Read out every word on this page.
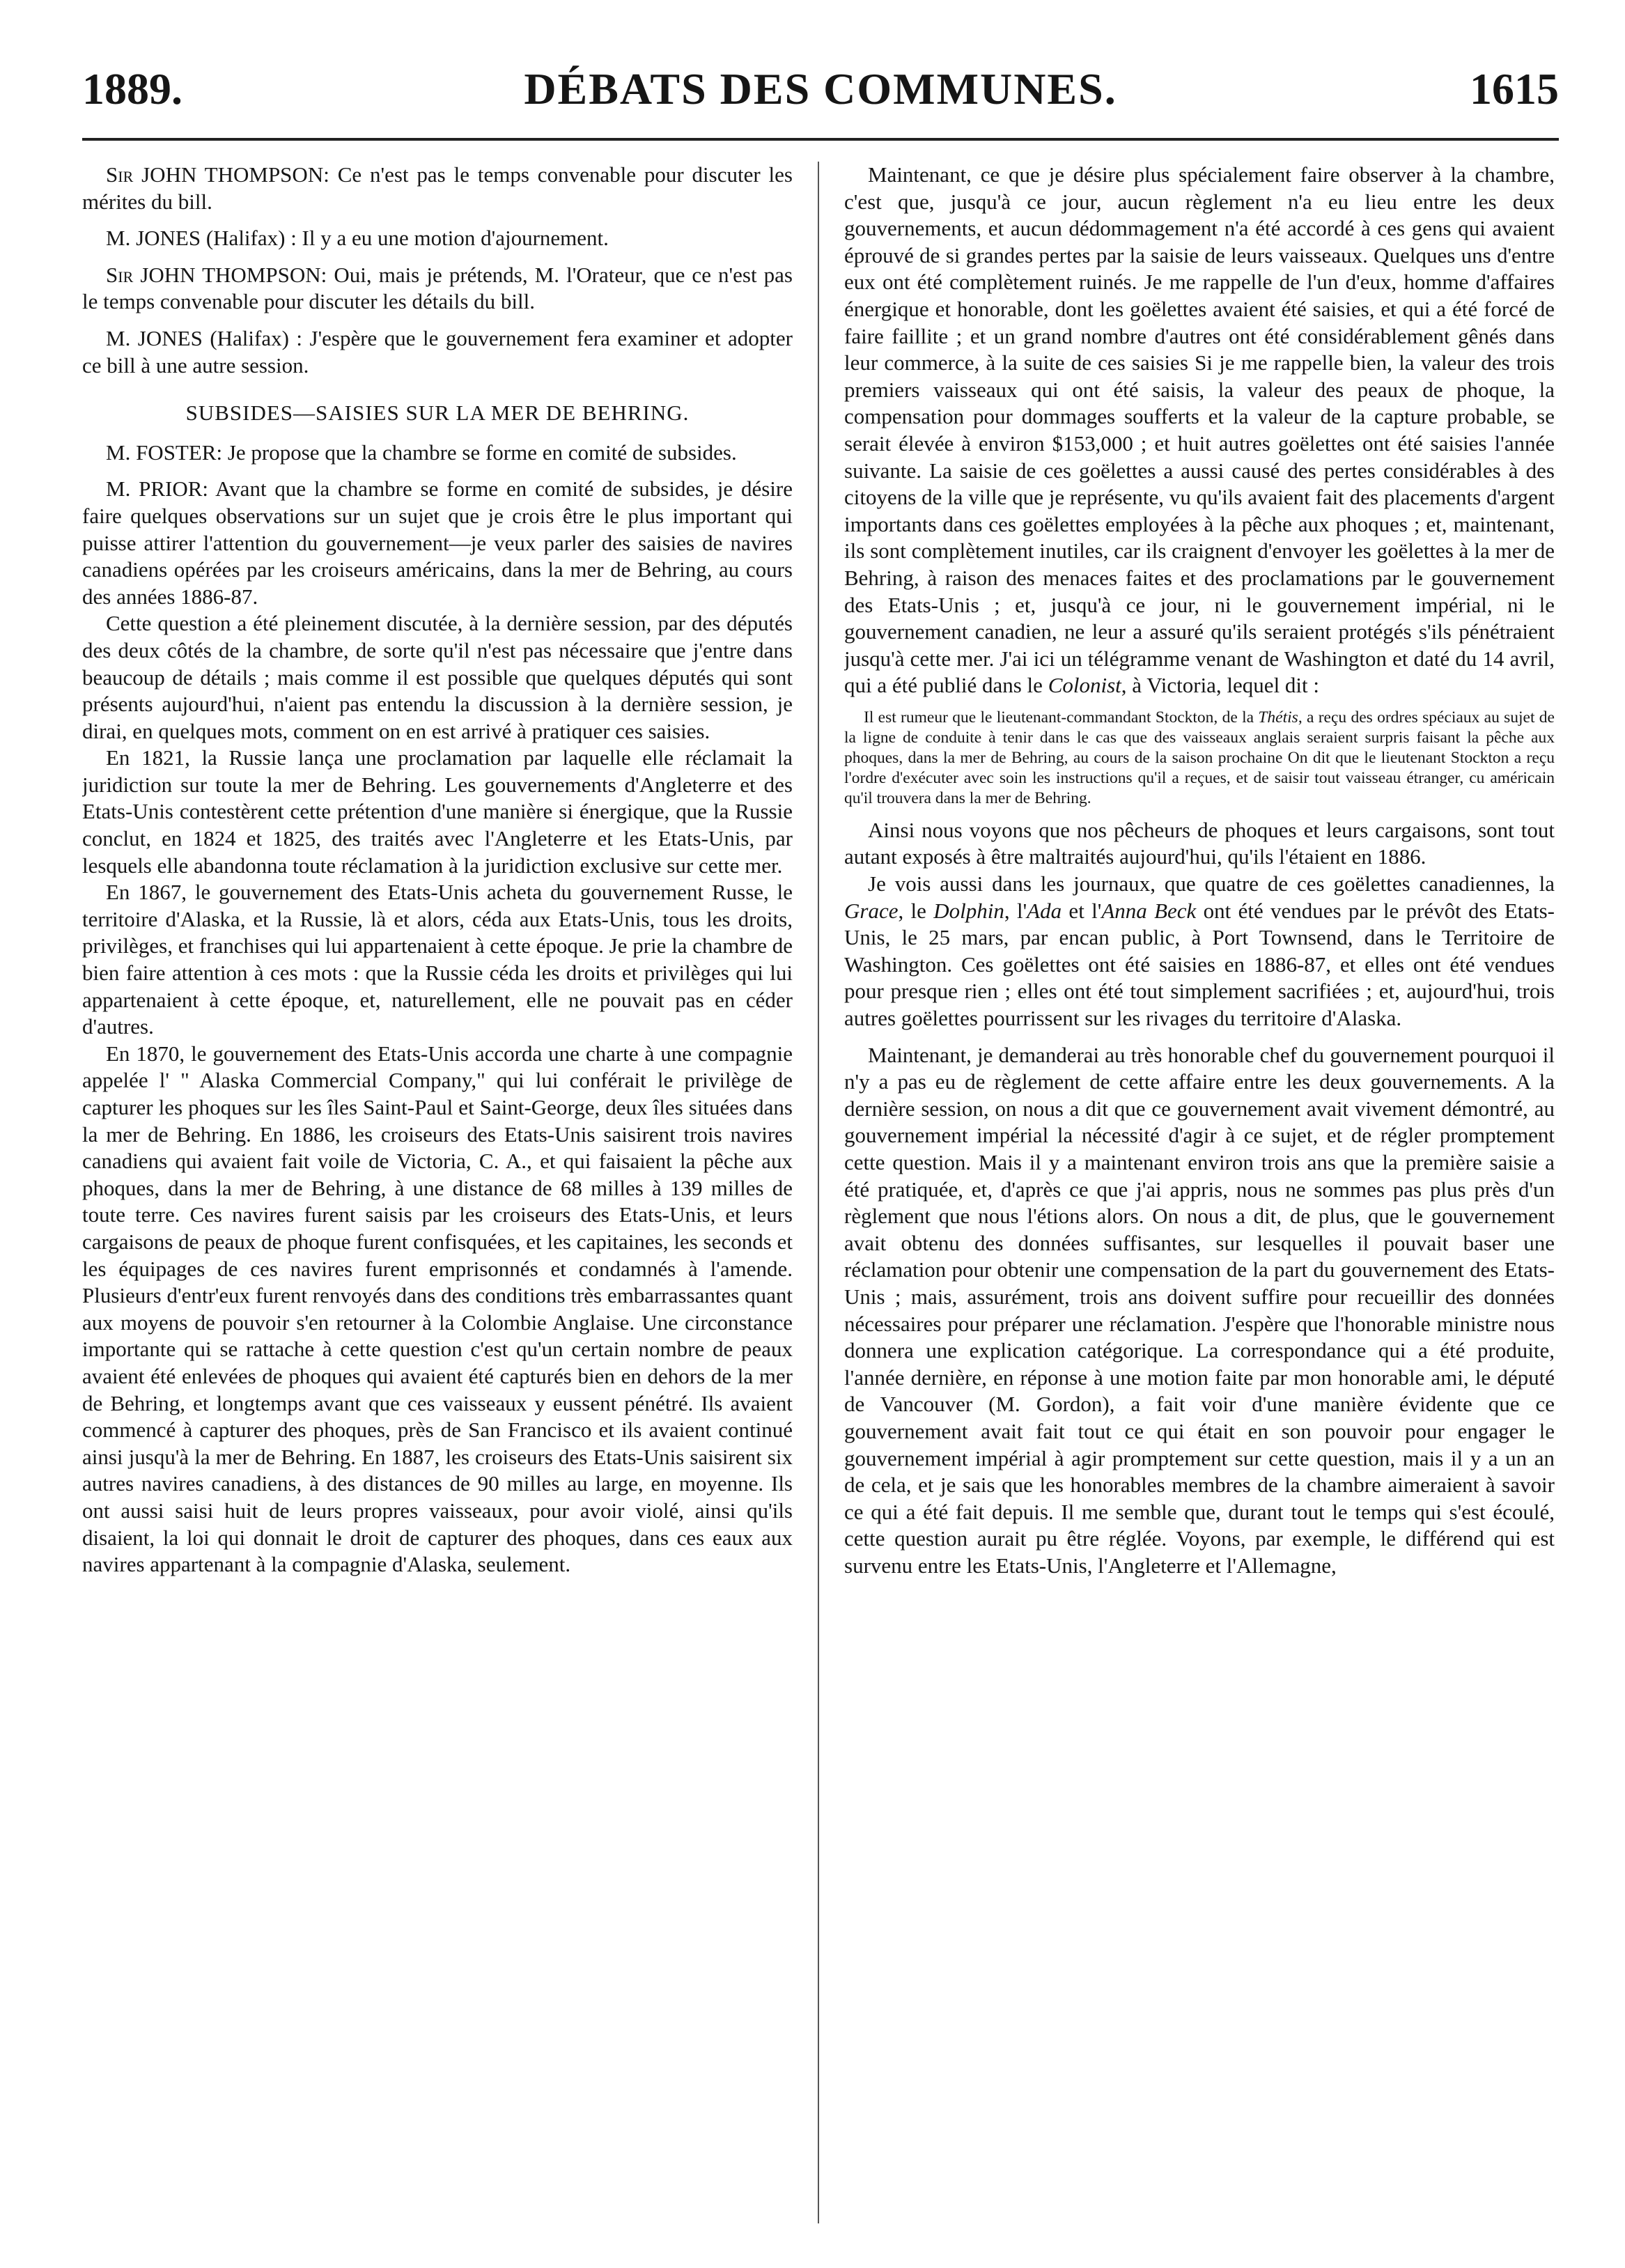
1889.	DÉBATS DES COMMUNES.	1615

Sir JOHN THOMPSON: Ce n'est pas le temps convenable pour discuter les mérites du bill.

M. JONES (Halifax) : Il y a eu une motion d'ajournement.

Sir JOHN THOMPSON: Oui, mais je prétends, M. l'Orateur, que ce n'est pas le temps convenable pour discuter les détails du bill.

M. JONES (Halifax) : J'espère que le gouvernement fera examiner et adopter ce bill à une autre session.

SUBSIDES—SAISIES SUR LA MER DE BEHRING.

M. FOSTER: Je propose que la chambre se forme en comité de subsides.

M. PRIOR: Avant que la chambre se forme en comité de subsides, je désire faire quelques observations sur un sujet que je crois être le plus important qui puisse attirer l'attention du gouvernement—je veux parler des saisies de navires canadiens opérées par les croiseurs américains, dans la mer de Behring, au cours des années 1886-87.

Cette question a été pleinement discutée, à la dernière session, par des députés des deux côtés de la chambre, de sorte qu'il n'est pas nécessaire que j'entre dans beaucoup de détails ; mais comme il est possible que quelques députés qui sont présents aujourd'hui, n'aient pas entendu la discussion à la dernière session, je dirai, en quelques mots, comment on en est arrivé à pratiquer ces saisies.

En 1821, la Russie lança une proclamation par laquelle elle réclamait la juridiction sur toute la mer de Behring. Les gouvernements d'Angleterre et des Etats-Unis contestèrent cette prétention d'une manière si énergique, que la Russie conclut, en 1824 et 1825, des traités avec l'Angleterre et les Etats-Unis, par lesquels elle abandonna toute réclamation à la juridiction exclusive sur cette mer.

En 1867, le gouvernement des Etats-Unis acheta du gouvernement Russe, le territoire d'Alaska, et la Russie, là et alors, céda aux Etats-Unis, tous les droits, privilèges, et franchises qui lui appartenaient à cette époque. Je prie la chambre de bien faire attention à ces mots : que la Russie céda les droits et privilèges qui lui appartenaient à cette époque, et, naturellement, elle ne pouvait pas en céder d'autres.

En 1870, le gouvernement des Etats-Unis accorda une charte à une compagnie appelée l' " Alaska Commercial Company," qui lui conférait le privilège de capturer les phoques sur les îles Saint-Paul et Saint-George, deux îles situées dans la mer de Behring. En 1886, les croiseurs des Etats-Unis saisirent trois navires canadiens qui avaient fait voile de Victoria, C. A., et qui faisaient la pêche aux phoques, dans la mer de Behring, à une distance de 68 milles à 139 milles de toute terre. Ces navires furent saisis par les croiseurs des Etats-Unis, et leurs cargaisons de peaux de phoque furent confisquées, et les capitaines, les seconds et les équipages de ces navires furent emprisonnés et condamnés à l'amende. Plusieurs d'entr'eux furent renvoyés dans des conditions très embarrassantes quant aux moyens de pouvoir s'en retourner à la Colombie Anglaise. Une circonstance importante qui se rattache à cette question c'est qu'un certain nombre de peaux avaient été enlevées de phoques qui avaient été capturés bien en dehors de la mer de Behring, et longtemps avant que ces vaisseaux y eussent pénétré. Ils avaient commencé à capturer des phoques, près de San Francisco et ils avaient continué ainsi jusqu'à la mer de Behring. En 1887, les croiseurs des Etats-Unis saisirent six autres navires canadiens, à des distances de 90 milles au large, en moyenne. Ils ont aussi saisi huit de leurs propres vaisseaux, pour avoir violé, ainsi qu'ils disaient, la loi qui donnait le droit de capturer des phoques, dans ces eaux aux navires appartenant à la compagnie d'Alaska, seulement.

Maintenant, ce que je désire plus spécialement faire observer à la chambre, c'est que, jusqu'à ce jour, aucun règlement n'a eu lieu entre les deux gouvernements, et aucun dédommagement n'a été accordé à ces gens qui avaient éprouvé de si grandes pertes par la saisie de leurs vaisseaux. Quelques uns d'entre eux ont été complètement ruinés. Je me rappelle de l'un d'eux, homme d'affaires énergique et honorable, dont les goëlettes avaient été saisies, et qui a été forcé de faire faillite ; et un grand nombre d'autres ont été considérablement gênés dans leur commerce, à la suite de ces saisies Si je me rappelle bien, la valeur des trois premiers vaisseaux qui ont été saisis, la valeur des peaux de phoque, la compensation pour dommages soufferts et la valeur de la capture probable, se serait élevée à environ $153,000 ; et huit autres goëlettes ont été saisies l'année suivante. La saisie de ces goëlettes a aussi causé des pertes considérables à des citoyens de la ville que je représente, vu qu'ils avaient fait des placements d'argent importants dans ces goëlettes employées à la pêche aux phoques ; et, maintenant, ils sont complètement inutiles, car ils craignent d'envoyer les goëlettes à la mer de Behring, à raison des menaces faites et des proclamations par le gouvernement des Etats-Unis ; et, jusqu'à ce jour, ni le gouvernement impérial, ni le gouvernement canadien, ne leur a assuré qu'ils seraient protégés s'ils pénétraient jusqu'à cette mer. J'ai ici un télégramme venant de Washington et daté du 14 avril, qui a été publié dans le Colonist, à Victoria, lequel dit :

Il est rumeur que le lieutenant-commandant Stockton, de la Thétis, a reçu des ordres spéciaux au sujet de la ligne de conduite à tenir dans le cas que des vaisseaux anglais seraient surpris faisant la pêche aux phoques, dans la mer de Behring, au cours de la saison prochaine On dit que le lieutenant Stockton a reçu l'ordre d'exécuter avec soin les instructions qu'il a reçues, et de saisir tout vaisseau étranger, cu américain qu'il trouvera dans la mer de Behring.

Ainsi nous voyons que nos pêcheurs de phoques et leurs cargaisons, sont tout autant exposés à être maltraités aujourd'hui, qu'ils l'étaient en 1886.

Je vois aussi dans les journaux, que quatre de ces goëlettes canadiennes, la Grace, le Dolphin, l'Ada et l'Anna Beck ont été vendues par le prévôt des Etats-Unis, le 25 mars, par encan public, à Port Townsend, dans le Territoire de Washington. Ces goëlettes ont été saisies en 1886-87, et elles ont été vendues pour presque rien ; elles ont été tout simplement sacrifiées ; et, aujourd'hui, trois autres goëlettes pourrissent sur les rivages du territoire d'Alaska.

Maintenant, je demanderai au très honorable chef du gouvernement pourquoi il n'y a pas eu de règlement de cette affaire entre les deux gouvernements. A la dernière session, on nous a dit que ce gouvernement avait vivement démontré, au gouvernement impérial la nécessité d'agir à ce sujet, et de régler promptement cette question. Mais il y a maintenant environ trois ans que la première saisie a été pratiquée, et, d'après ce que j'ai appris, nous ne sommes pas plus près d'un règlement que nous l'étions alors. On nous a dit, de plus, que le gouvernement avait obtenu des données suffisantes, sur lesquelles il pouvait baser une réclamation pour obtenir une compensation de la part du gouvernement des Etats-Unis ; mais, assurément, trois ans doivent suffire pour recueillir des données nécessaires pour préparer une réclamation. J'espère que l'honorable ministre nous donnera une explication catégorique. La correspondance qui a été produite, l'année dernière, en réponse à une motion faite par mon honorable ami, le député de Vancouver (M. Gordon), a fait voir d'une manière évidente que ce gouvernement avait fait tout ce qui était en son pouvoir pour engager le gouvernement impérial à agir promptement sur cette question, mais il y a un an de cela, et je sais que les honorables membres de la chambre aimeraient à savoir ce qui a été fait depuis. Il me semble que, durant tout le temps qui s'est écoulé, cette question aurait pu être réglée. Voyons, par exemple, le différend qui est survenu entre les Etats-Unis, l'Angleterre et l'Allemagne,
